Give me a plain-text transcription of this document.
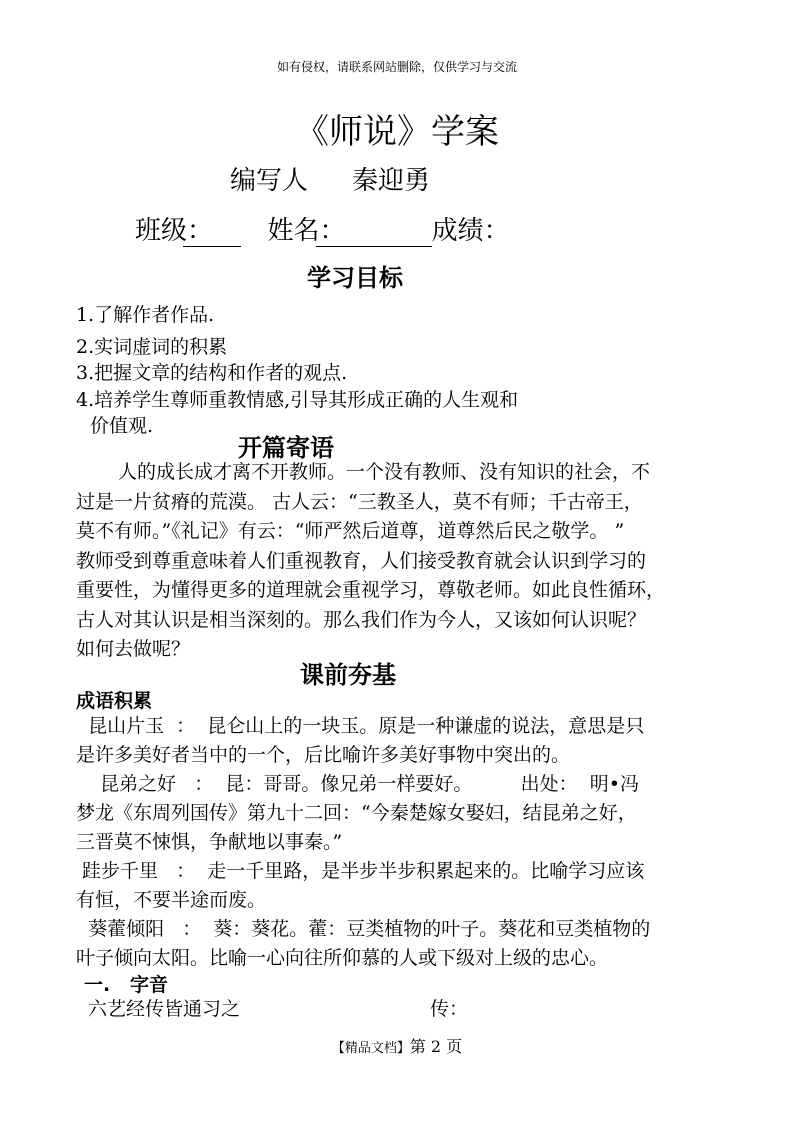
如有侵权，请联系网站删除，仅供学习与交流
《师说》学案
编写人 秦迎勇
班级： 姓名：	成绩：
学习目标
1.了解作者作品.
2.实词虚词的积累
3.把握文章的结构和作者的观点.
4.培养学生尊师重教情感,引导其形成正确的人生观和
价值观.
开篇寄语
人的成长成才离不开教师。一个没有教师、没有知识的社会，不
过是一片贫瘠的荒漠。 古人云：“三教圣人，莫不有师；千古帝王，
莫不有师。”《礼记》有云：“师严然后道尊，道尊然后民之敬学。 ”
教师受到尊重意味着人们重视教育，人们接受教育就会认识到学习的
重要性，为懂得更多的道理就会重视学习，尊敬老师。如此良性循环，
古人对其认识是相当深刻的。那么我们作为今人，又该如何认识呢？
如何去做呢？
课前夯基
成语积累
昆山片玉  ：  昆仑山上的一块玉。原是一种谦虚的说法，意思是只
是许多美好者当中的一个，后比喻许多美好事物中突出的。
昆弟之好   ：  昆：哥哥。像兄弟一样要好。        出处：  明•冯
梦龙《东周列国传》第九十二回：“今秦楚嫁女娶妇，结昆弟之好，
三晋莫不悚惧，争献地以事秦。”
跬步千里   ：  走一千里路，是半步半步积累起来的。比喻学习应该
有恒，不要半途而废。
葵藿倾阳   ：  葵：葵花。藿：豆类植物的叶子。葵花和豆类植物的
叶子倾向太阳。比喻一心向往所仰慕的人或下级对上级的忠心。
一.   字音
六艺经传皆通习之	传：
【精品文档】第 2 页
